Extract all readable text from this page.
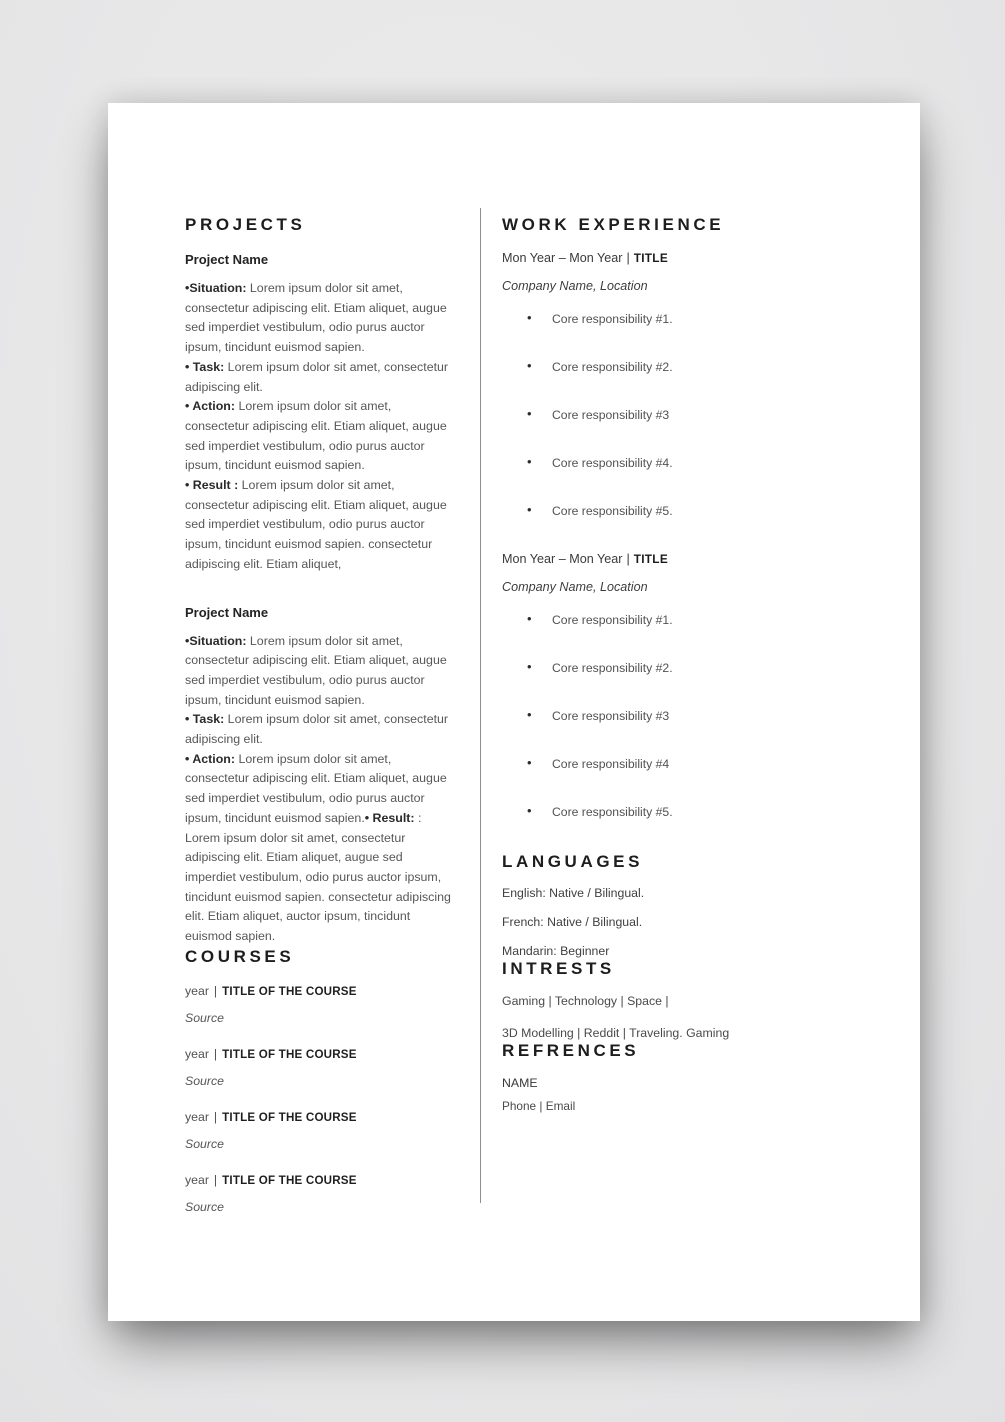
PROJECTS
Project Name

•Situation: Lorem ipsum dolor sit amet, consectetur adipiscing elit. Etiam aliquet, augue sed imperdiet vestibulum, odio purus auctor ipsum, tincidunt euismod sapien.
• Task: Lorem ipsum dolor sit amet, consectetur adipiscing elit.
• Action: Lorem ipsum dolor sit amet, consectetur adipiscing elit. Etiam aliquet, augue sed imperdiet vestibulum, odio purus auctor ipsum, tincidunt euismod sapien.
• Result : Lorem ipsum dolor sit amet, consectetur adipiscing elit. Etiam aliquet, augue sed imperdiet vestibulum, odio purus auctor ipsum, tincidunt euismod sapien. consectetur adipiscing elit. Etiam aliquet,

Project Name

•Situation: Lorem ipsum dolor sit amet, consectetur adipiscing elit. Etiam aliquet, augue sed imperdiet vestibulum, odio purus auctor ipsum, tincidunt euismod sapien.
• Task: Lorem ipsum dolor sit amet, consectetur adipiscing elit.
• Action: Lorem ipsum dolor sit amet, consectetur adipiscing elit. Etiam aliquet, augue sed imperdiet vestibulum, odio purus auctor ipsum, tincidunt euismod sapien.• Result: : Lorem ipsum dolor sit amet, consectetur adipiscing elit. Etiam aliquet, augue sed imperdiet vestibulum, odio purus auctor ipsum, tincidunt euismod sapien. consectetur adipiscing elit. Etiam aliquet, auctor ipsum, tincidunt euismod sapien.

COURSES
year | TITLE OF THE COURSE
Source
year | TITLE OF THE COURSE
Source
year | TITLE OF THE COURSE
Source
year | TITLE OF THE COURSE
Source
WORK EXPERIENCE
Mon Year – Mon Year | TITLE
Company Name, Location
• Core responsibility #1.
• Core responsibility #2.
• Core responsibility #3
• Core responsibility #4.
• Core responsibility #5.
Mon Year – Mon Year | TITLE
Company Name, Location
• Core responsibility #1.
• Core responsibility #2.
• Core responsibility #3
• Core responsibility #4
• Core responsibility #5.
LANGUAGES
English: Native / Bilingual.
French: Native / Bilingual.
Mandarin: Beginner
INTRESTS
Gaming | Technology | Space |
3D Modelling | Reddit | Traveling. Gaming
REFRENCES
NAME
Phone | Email
